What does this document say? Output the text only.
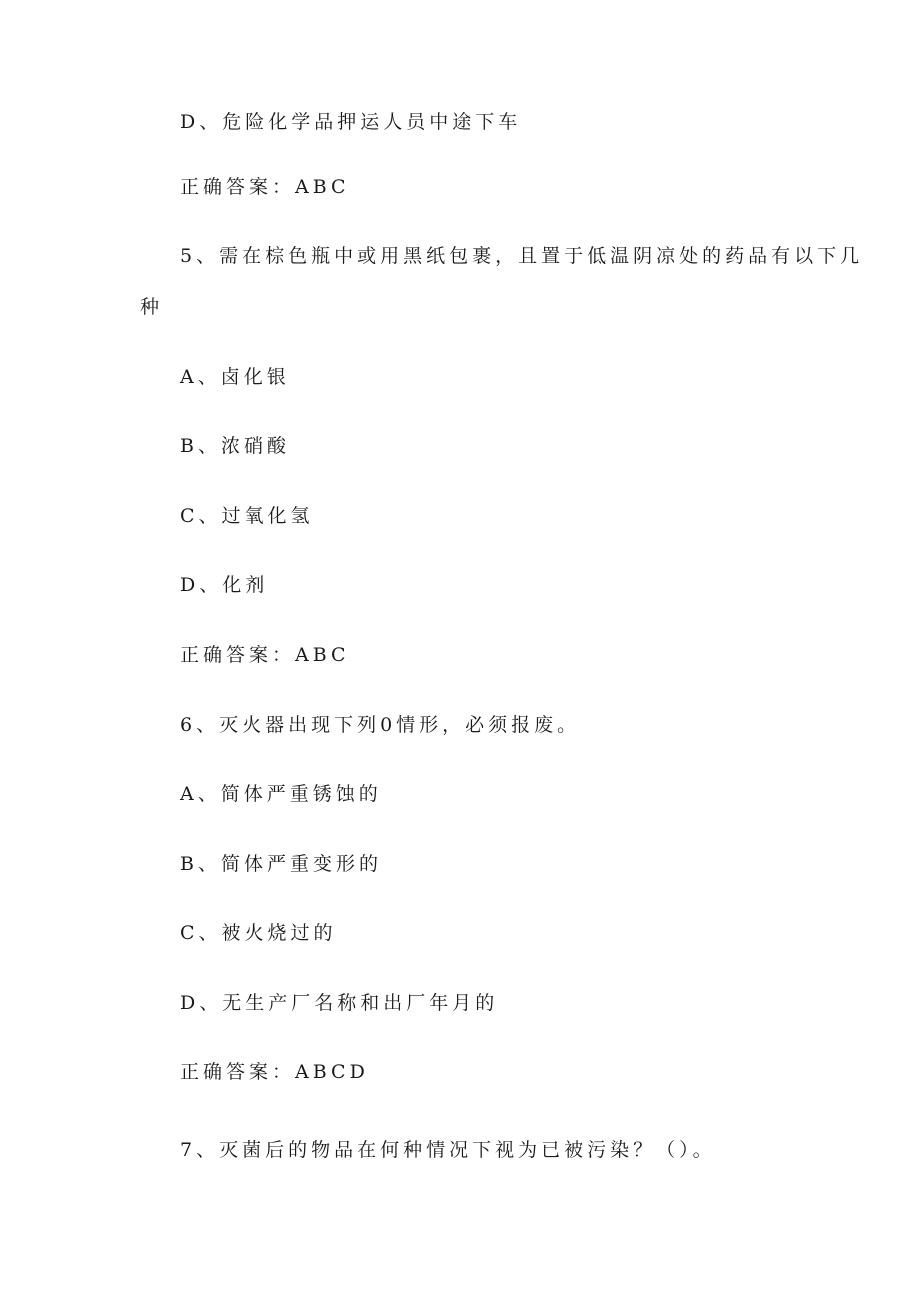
D、危险化学品押运人员中途下车
正确答案：ABC
5、需在棕色瓶中或用黑纸包裹，且置于低温阴凉处的药品有以下几
种
A、卤化银
B、浓硝酸
C、过氧化氢
D、化剂
正确答案：ABC
6、灭火器出现下列0情形，必须报废。
A、简体严重锈蚀的
B、简体严重变形的
C、被火烧过的
D、无生产厂名称和出厂年月的
正确答案：ABCD
7、灭菌后的物品在何种情况下视为已被污染？（）。
